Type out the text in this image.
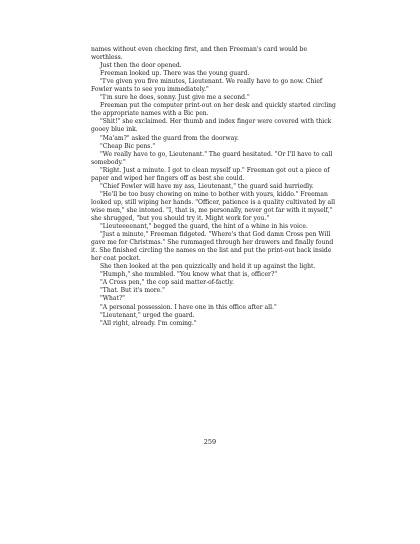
names without even checking first, and then Freeman's card would be worthless.

Just then the door opened.

Freeman looked up. There was the young guard.

"I've given you five minutes, Lieutenant. We really have to go now. Chief Fowler wants to see you immediately."

"I'm sure he does, sonny. Just give me a second."

Freeman put the computer print-out on her desk and quickly started circling the appropriate names with a Bic pen.

"Shit!" she exclaimed. Her thumb and index finger were covered with thick gooey blue ink.

"Ma'am?" asked the guard from the doorway.

"Cheap Bic pens."

"We really have to go, Lieutenant." The guard hesitated. "Or I'll have to call somebody."

"Right. Just a minute. I got to clean myself up." Freeman got out a piece of paper and wiped her fingers off as best she could.

"Chief Fowler will have my ass, Lieutenant," the guard said hurriedly.

"He'll be too busy chowing on mine to bother with yours, kiddo." Freeman looked up, still wiping her hands. "Officer, patience is a quality cultivated by all wise men," she intoned. "I, that is, me personally, never got far with it myself," she shrugged, "but you should try it. Might work for you."

"Lieuteeeenant," begged the guard, the hint of a whine in his voice.

"Just a minute," Freeman fidgeted. "Where's that God damn Cross pen Will gave me for Christmas." She rummaged through her drawers and finally found it. She finished circling the names on the list and put the print-out back inside her coat pocket.

She then looked at the pen quizzically and held it up against the light.

"Humph," she mumbled. "You know what that is, officer?"

"A Cross pen," the cop said matter-of-factly.

"That. But it's more."

"What?"

"A personal possession. I have one in this office after all."

"Lieutenant," urged the guard.

"All right, already. I'm coming."

259
